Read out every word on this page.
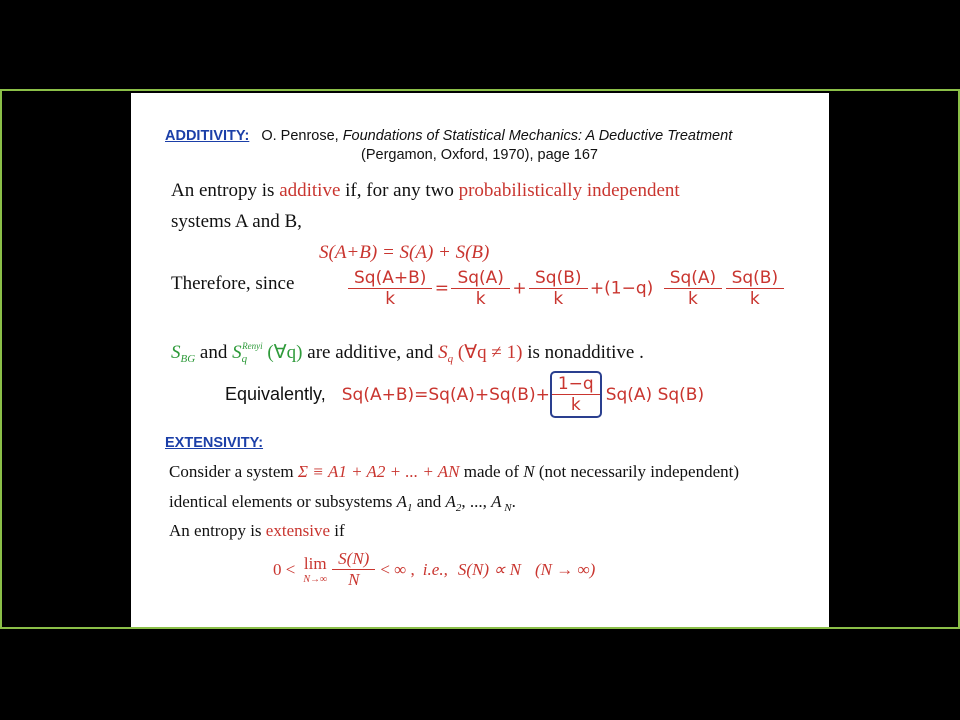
ADDITIVITY: O. Penrose, Foundations of Statistical Mechanics: A Deductive Treatment
(Pergamon, Oxford, 1970), page 167
An entropy is additive if, for any two probabilistically independent
systems A and B,
S(A+B) = S(A) + S(B)
Therefore, since	$\frac{Sq(A+B)}{k} = \frac{Sq(A)}{k} + \frac{Sq(B)}{k} +(1-q) \frac{Sq(A)}{k}$
$\frac{Sq(B)}{k}$
$S_{BG}$ and $S_q^{Renyi}$ (∀q) are additive, and $S_q$ (∀q ≠ 1) is nonadditive .
Equivalently, $Sq(A+B)=Sq(A)+Sq(B)+ \frac{1-q}{k} Sq(A)$ Sq(B)
EXTENSIVITY:
Consider a system Σ ≡ A1 + A2 + ... + AN made of N (not necessarily independent)
identical elements or subsystems $A_1$ and $A_2$, ..., A $_N$.
An entropy is extensive if
0 < lim
$N\to\infty \frac{S(N)}{N}$ < ∞ , i.e., S(N) ∝ N (N → ∞)
